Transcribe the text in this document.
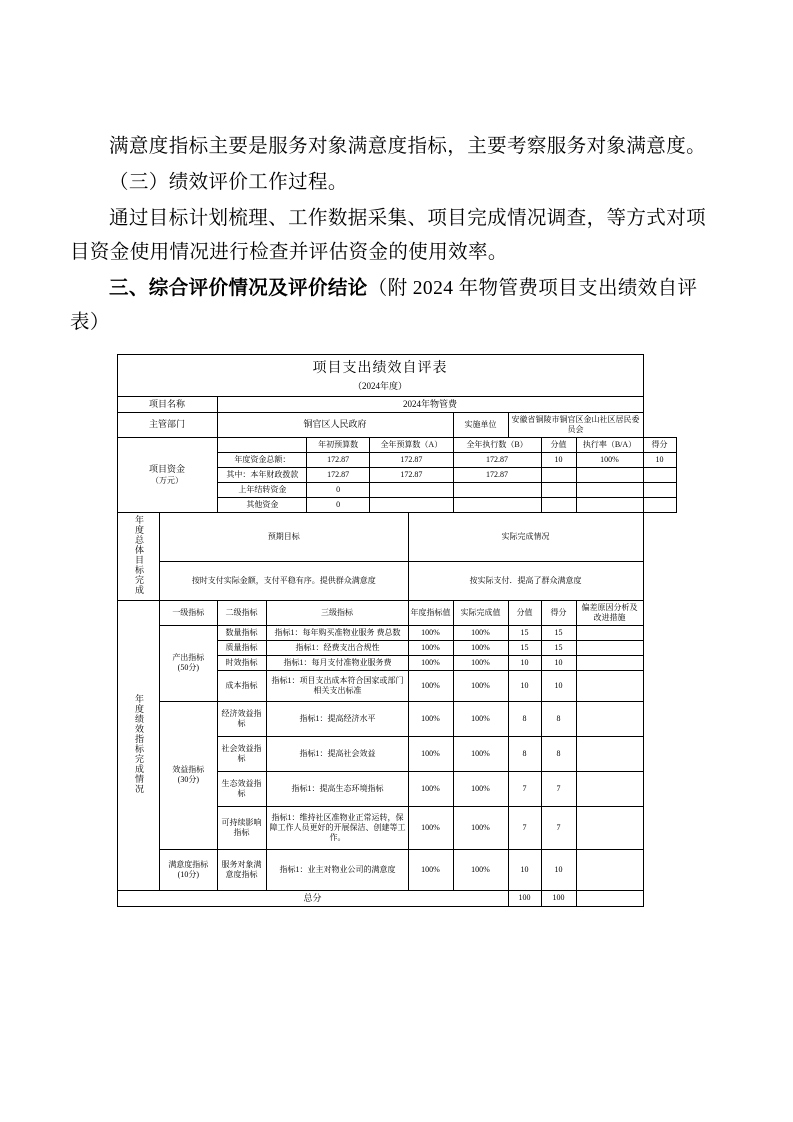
满意度指标主要是服务对象满意度指标，主要考察服务对象满意度。

（三）绩效评价工作过程。

通过目标计划梳理、工作数据采集、项目完成情况调查，等方式对项目资金使用情况进行检查并评估资金的使用效率。

三、综合评价情况及评价结论（附 2024 年物管费项目支出绩效自评表）

项目支出绩效自评表											
（2024年度）											
项目名称		2024年物管费									
主管部门		铜官区人民政府					实施单位	安徽省铜陵市铜官区金山社区居民委员会			

项目资金
（万元）				年初预算数	全年预算数（A）		全年执行数（B）		分值	执行率（B/A）	得分
		年度资金总额：		172.87	172.87		172.87		10	100%	10
		其中：本年财政拨款		172.87	172.87		172.87				
		上年结转资金		0							
		其他资金		0							
年度总体目标完成	预期目标					实际完成情况					
	按时支付实际金额，支付平稳有序。提供群众满意度					按实际支付．提高了群众满意度					
年度绩效指标完成情况	一级指标	二级指标	三级指标			年度指标值	实际完成值	分值	得分	偏差原因分析及改进措施	

	产出指标
(50分)	数量指标	指标1：每年购买准物业服务 费总数			100%	100%	15	15		
		质量指标	指标1：经费支出合规性			100%	100%	15	15		
		时效指标	指标1：每月支付准物业服务费			100%	100%	10	10		
		成本指标	指标1：项目支出成本符合国家或部门相关支出标准			100%	100%	10	10		

	效益指标
(30分)	经济效益指标	指标1：提高经济水平			100%	100%	8	8		
		社会效益指标	指标1：提高社会效益			100%	100%	8	8		
		生态效益指标	指标1：提高生态环境指标			100%	100%	7	7		
		可持续影响指标	指标1：维持社区准物业正常运转，保障工作人员更好的开展保洁、创建等工作。			100%	100%	7	7		

	满意度指标
(10分)	服务对象满意度指标	指标1：业主对物业公司的满意度			100%	100%	10	10		
总分								100	100		
